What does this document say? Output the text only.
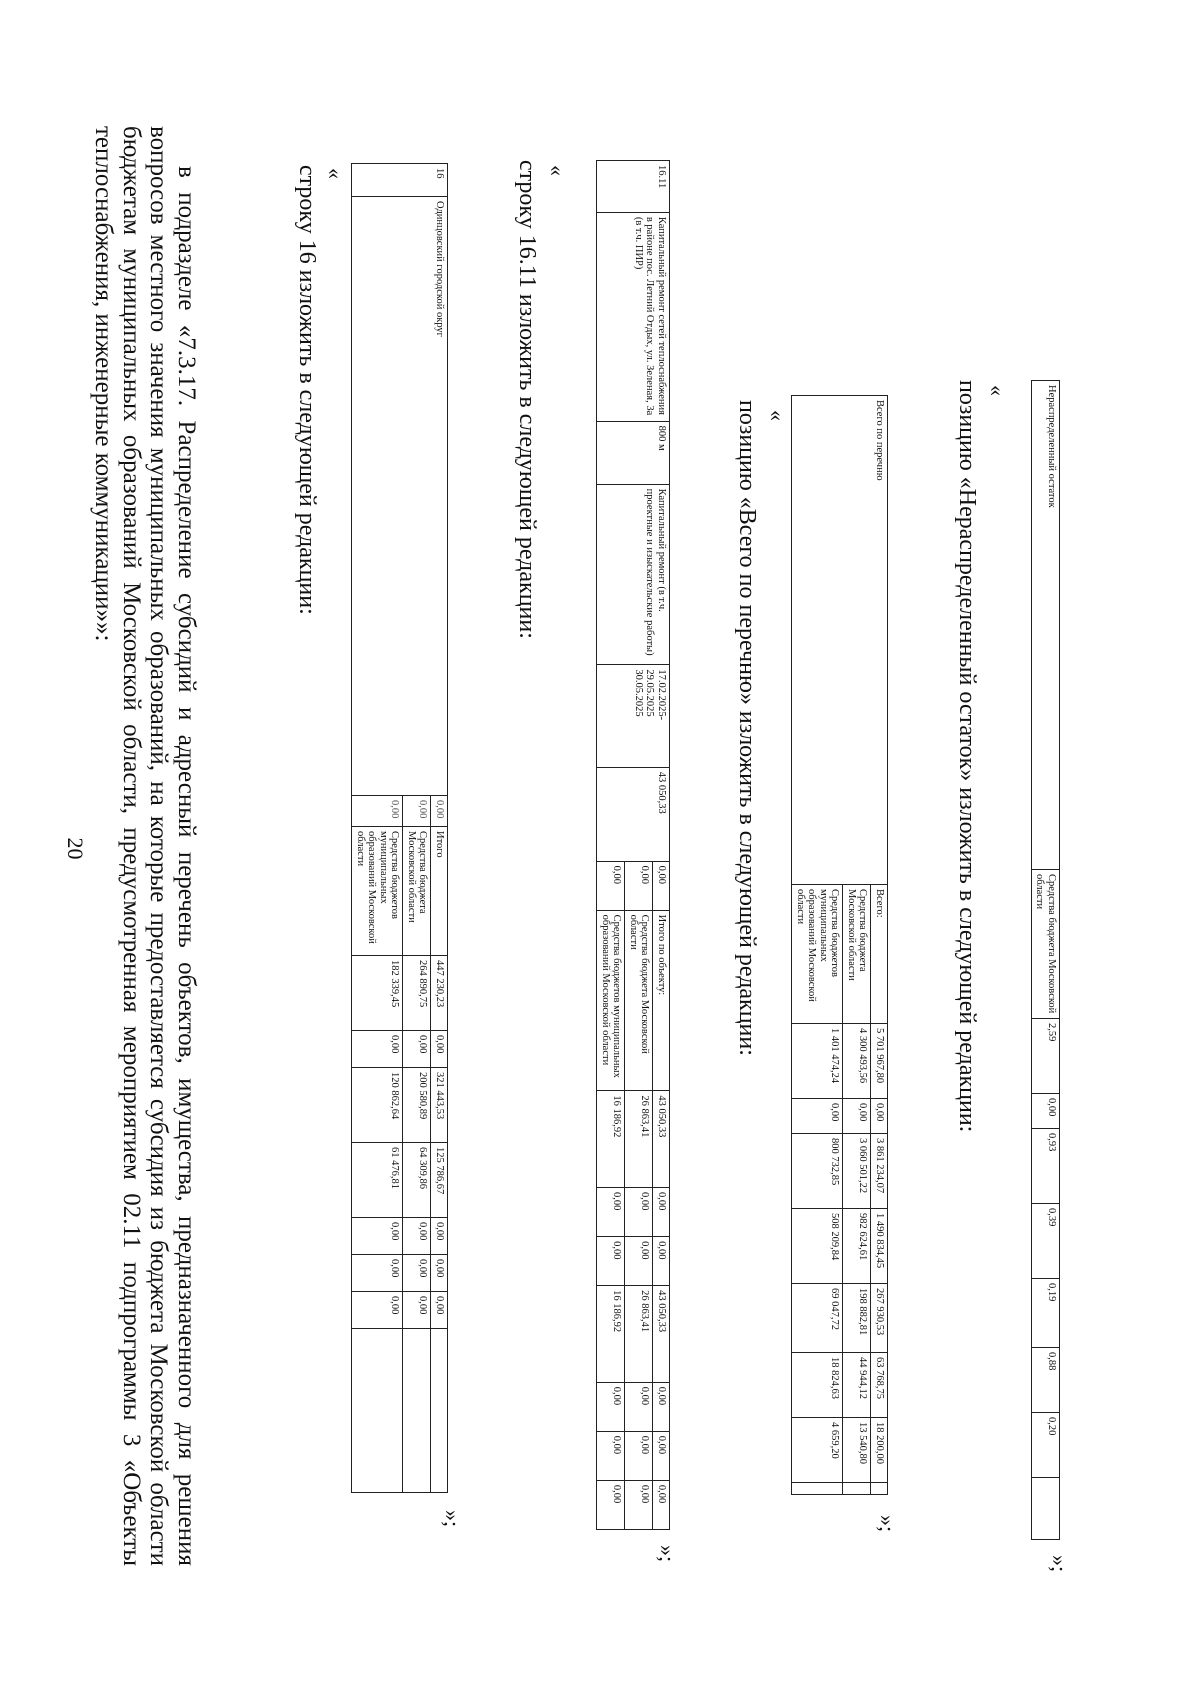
20	в подразделе «7.3.17. Распределение субсидий и адресный перечень объектов, имущества, предназначенного для решения вопросов местного значения муниципальных образований, на которые предоставляется субсидия из бюджета Московской области бюджетам муниципальных образований Московской области, предусмотренная мероприятием 02.11 подпрограммы 3 «Объекты теплоснабжения, инженерные коммуникации»»:	строку 16 изложить в следующей редакции: «	16	Одинцовский городской округ	0,00	Итого	447 230,23	0,00	321 443,53	125 786,67	0,00	0,00	0,00	
		0,00	Средства бюджета Московской области	264 890,75	0,00	200 580,89	64 309,86	0,00	0,00	0,00	
		0,00	Средства бюджетов муниципальных образований Московской области	182 339,45	0,00	120 862,64	61 476,81	0,00	0,00	0,00	
»;
строку 16.11 изложить в следующей редакции: «	16.11	Капитальный ремонт сетей теплоснабжения в районе пос. Летний Отдых, ул. Зеленая, 3а (в т.ч. ПИР)	800 м	Капитальный ремонт (в т.ч. проектные и изыскательские работы)	17.02.2025-29.05.2025 30.05.2025	43 050,33	0,00	Итого по объекту:	43 050,33	0,00	0,00	43 050,33	0,00	0,00	0,00
						0,00	Средства бюджета Московской области	26 863,41	0,00	0,00	26 863,41	0,00	0,00	0,00
						0,00	Средства бюджетов муниципальных образований Московской области	16 186,92	0,00	0,00	16 186,92	0,00	0,00	0,00
»;
позицию «Всего по перечню» изложить в следующей редакции: «	Всего по перечню	Всего:	5 701 967,80	0,00	3 861 234,07	1 490 834,45	267 930,53	63 768,75	18 200,00	
	Средства бюджета Московской области	4 300 493,56	0,00	3 060 501,22	982 624,61	198 882,81	44 944,12	13 540,80	
	Средства бюджетов муниципальных образований Московской области	1 401 474,24	0,00	800 732,85	508 209,84	69 047,72	18 824,63	4 659,20	
»;
позицию «Нераспределенный остаток» изложить в следующей редакции: «	Нераспределенный остаток	Средства бюджета Московской области	2,59	0,00	0,93	0,39	0,19	0,88	0,20	
»;
